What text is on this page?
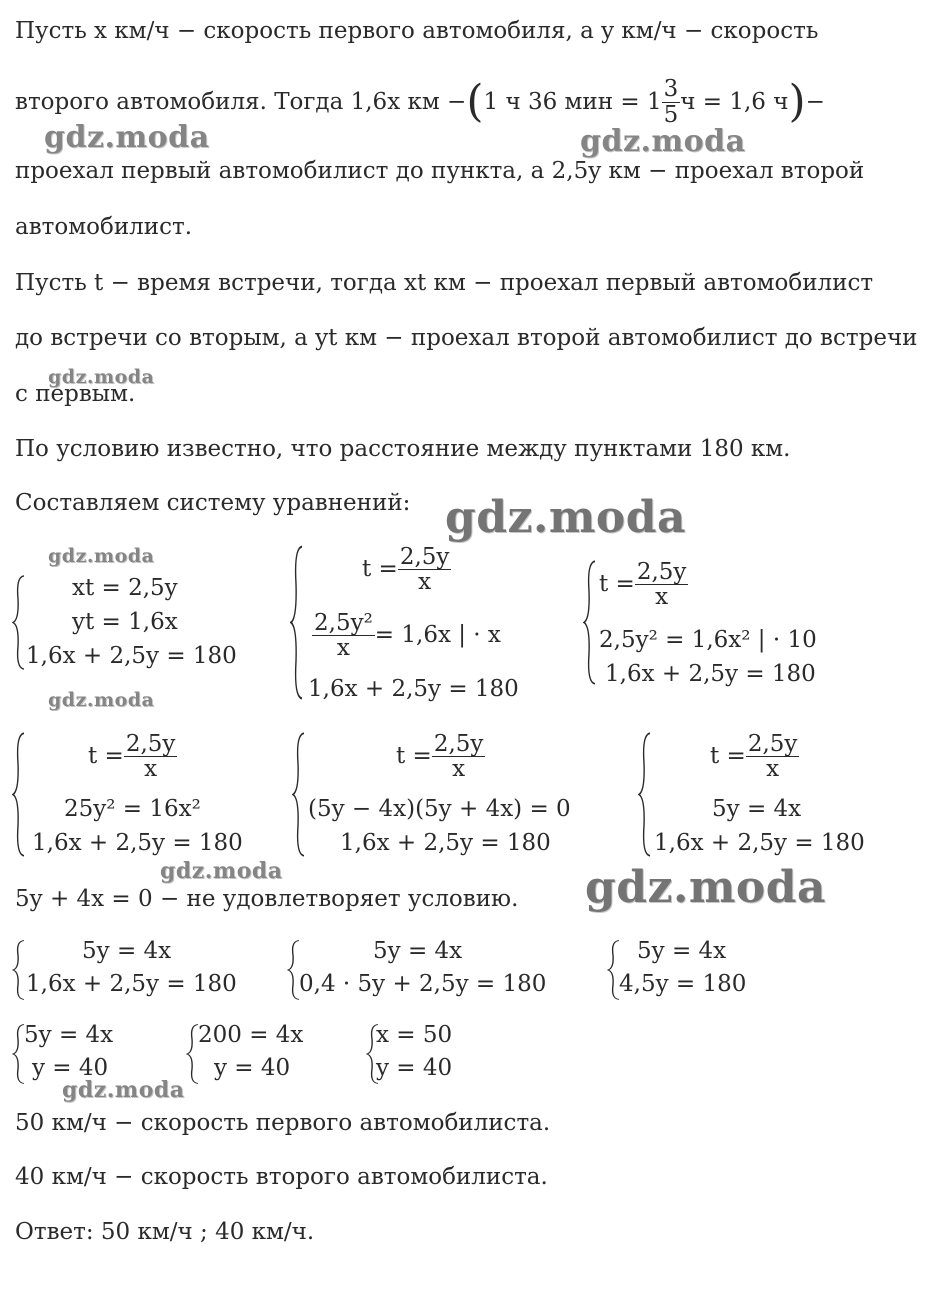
Пусть x км/ч − скорость первого автомобиля, а y км/ч − скорость
второго автомобиля. Тогда 1,6x км − ( 1 ч 36 мин = $1 \frac{3}{5}$ ч = 1,6 ч ) −
проехал первый автомобилист до пункта, а 2,5y км − проехал второй
автомобилист.
Пусть t − время встречи, тогда xt км − проехал первый автомобилист
до встречи со вторым, а yt км − проехал второй автомобилист до встречи
с первым.
По условию известно, что расстояние между пунктами 180 км.
Составляем систему уравнений:
xt = 2,5y
yt = 1,6x
1,6x + 2,5y = 180
$t = \frac{2,5y}{x}$
$\frac{\text{2,5y²}}{x} = 1,6x$ | · x
1,6x + 2,5y = 180
$t = \frac{2,5y}{x}$
2,5y² = 1,6x² | · 10
1,6x + 2,5y = 180
$t = \frac{2,5y}{x}$
25y² = 16x²
1,6x + 2,5y = 180
$t = \frac{2,5y}{x}$
(5y − 4x)(5y + 4x) = 0
1,6x + 2,5y = 180
$t = \frac{2,5y}{x}$
5y = 4x
1,6x + 2,5y = 180
5y + 4x = 0 − не удовлетворяет условию.
5y = 4x
1,6x + 2,5y = 180
5y = 4x
0,4 · 5y + 2,5y = 180
5y = 4x
4,5y = 180
5y = 4x
y = 40
200 = 4x
y = 40
x = 50
y = 40
50 км/ч − скорость первого автомобилиста.
40 км/ч − скорость второго автомобилиста.
Ответ: 50 км/ч ; 40 км/ч.
gdz.moda	gdz.moda
gdz.moda
gdz.moda
gdz.moda
gdz.moda
gdz.moda	gdz.moda
gdz.moda
